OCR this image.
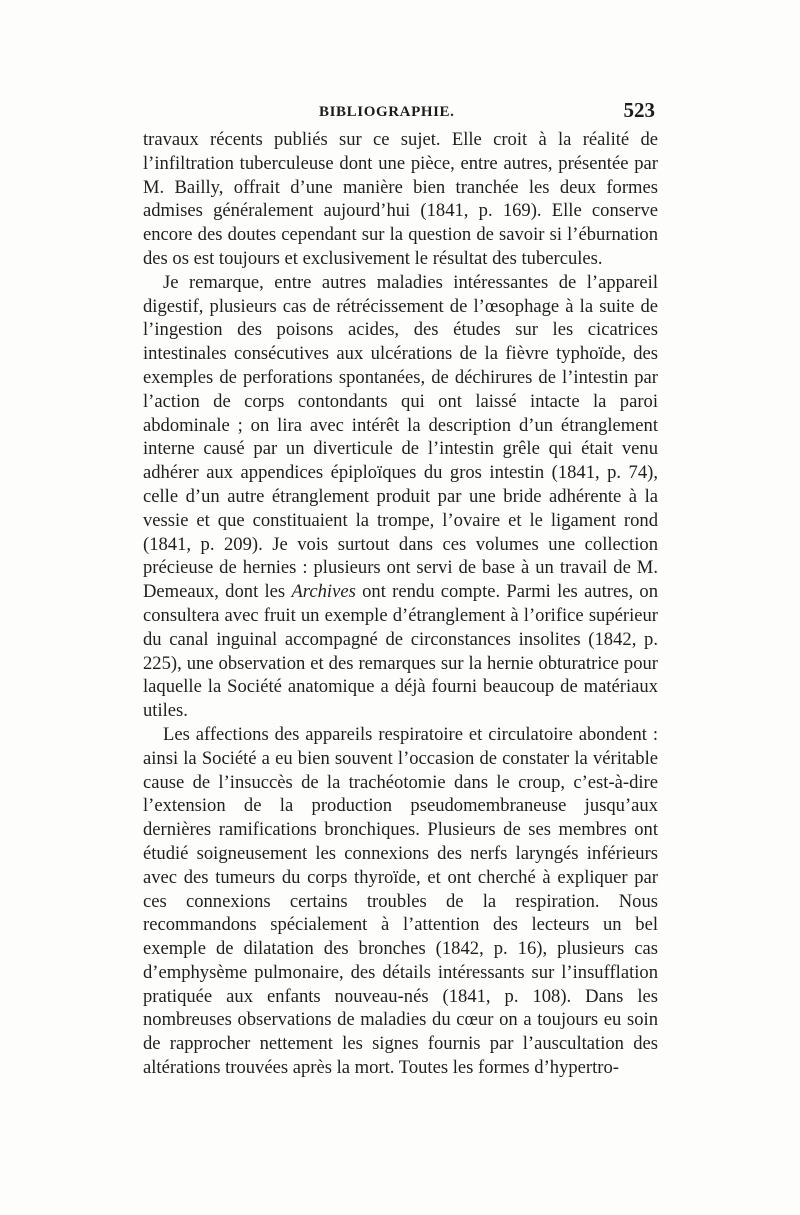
BIBLIOGRAPHIE.	523

travaux récents publiés sur ce sujet. Elle croit à la réalité de l’infiltration tuberculeuse dont une pièce, entre autres, présentée par M. Bailly, offrait d’une manière bien tranchée les deux formes admises généralement aujourd’hui (1841, p. 169). Elle conserve encore des doutes cependant sur la question de savoir si l’éburnation des os est toujours et exclusivement le résultat des tubercules.

Je remarque, entre autres maladies intéressantes de l’appareil digestif, plusieurs cas de rétrécissement de l’œsophage à la suite de l’ingestion des poisons acides, des études sur les cicatrices intestinales consécutives aux ulcérations de la fièvre typhoïde, des exemples de perforations spontanées, de déchirures de l’intestin par l’action de corps contondants qui ont laissé intacte la paroi abdominale ; on lira avec intérêt la description d’un étranglement interne causé par un diverticule de l’intestin grêle qui était venu adhérer aux appendices épiploïques du gros intestin (1841, p. 74), celle d’un autre étranglement produit par une bride adhérente à la vessie et que constituaient la trompe, l’ovaire et le ligament rond (1841, p. 209). Je vois surtout dans ces volumes une collection précieuse de hernies : plusieurs ont servi de base à un travail de M. Demeaux, dont les Archives ont rendu compte. Parmi les autres, on consultera avec fruit un exemple d’étranglement à l’orifice supérieur du canal inguinal accompagné de circonstances insolites (1842, p. 225), une observation et des remarques sur la hernie obturatrice pour laquelle la Société anatomique a déjà fourni beaucoup de matériaux utiles.

Les affections des appareils respiratoire et circulatoire abondent : ainsi la Société a eu bien souvent l’occasion de constater la véritable cause de l’insuccès de la trachéotomie dans le croup, c’est-à-dire l’extension de la production pseudomembraneuse jusqu’aux dernières ramifications bronchiques. Plusieurs de ses membres ont étudié soigneusement les connexions des nerfs laryngés inférieurs avec des tumeurs du corps thyroïde, et ont cherché à expliquer par ces connexions certains troubles de la respiration. Nous recommandons spécialement à l’attention des lecteurs un bel exemple de dilatation des bronches (1842, p. 16), plusieurs cas d’emphysème pulmonaire, des détails intéressants sur l’insufflation pratiquée aux enfants nouveau-nés (1841, p. 108). Dans les nombreuses observations de maladies du cœur on a toujours eu soin de rapprocher nettement les signes fournis par l’auscultation des altérations trouvées après la mort. Toutes les formes d’hypertro-
